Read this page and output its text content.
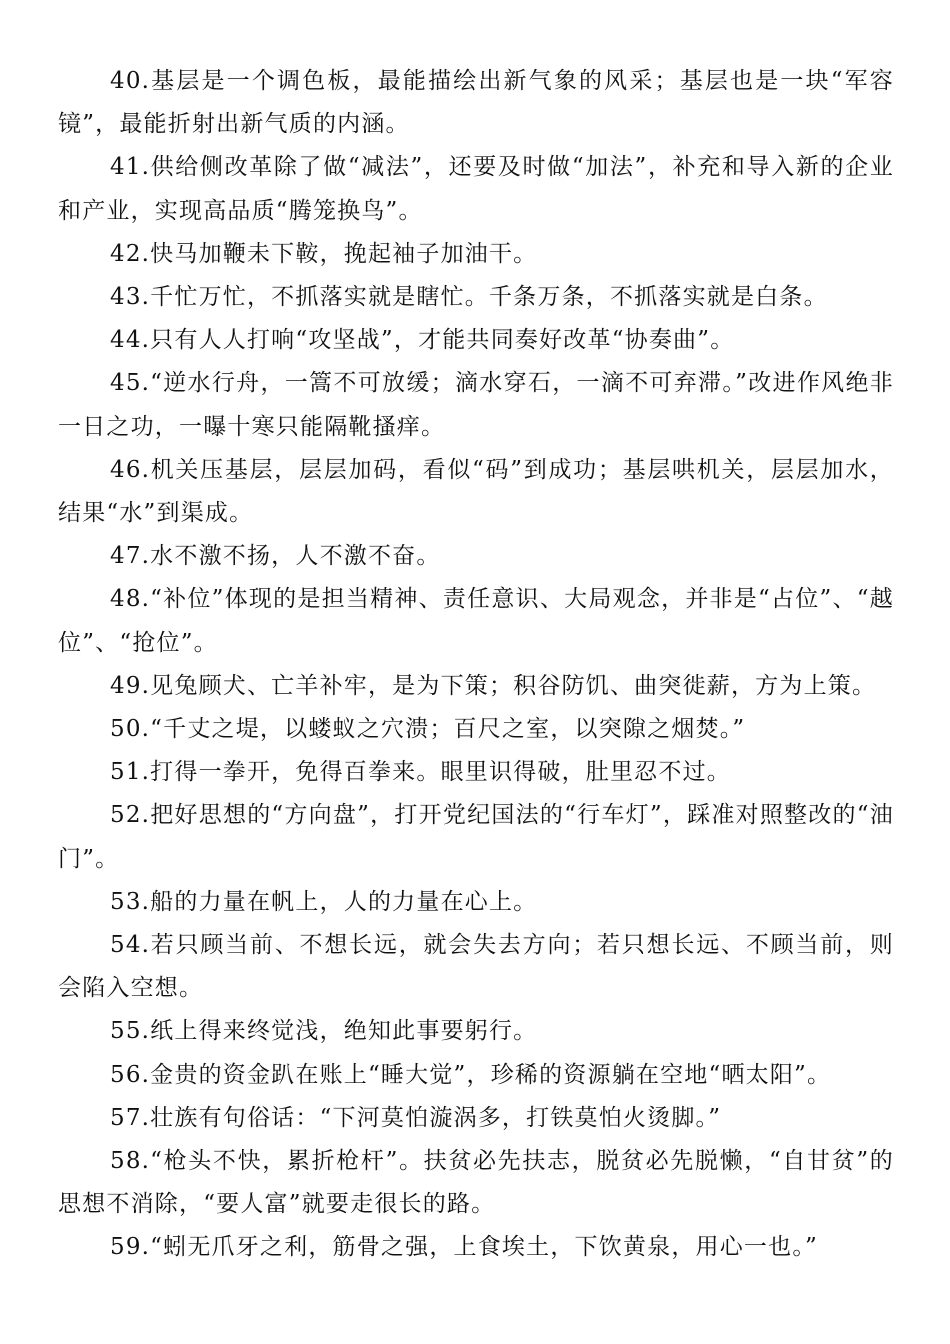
40.基层是一个调色板，最能描绘出新气象的风采；基层也是一块“军容镜”，最能折射出新气质的内涵。

41.供给侧改革除了做“减法”，还要及时做“加法”，补充和导入新的企业和产业，实现高品质“腾笼换鸟”。

42.快马加鞭未下鞍，挽起袖子加油干。

43.千忙万忙，不抓落实就是瞎忙。千条万条，不抓落实就是白条。

44.只有人人打响“攻坚战”，才能共同奏好改革“协奏曲”。

45.“逆水行舟，一篙不可放缓；滴水穿石，一滴不可弃滞。”改进作风绝非一日之功，一曝十寒只能隔靴搔痒。

46.机关压基层，层层加码，看似“码”到成功；基层哄机关，层层加水，结果“水”到渠成。

47.水不激不扬，人不激不奋。

48.“补位”体现的是担当精神、责任意识、大局观念，并非是“占位”、“越位”、“抢位”。

49.见兔顾犬、亡羊补牢，是为下策；积谷防饥、曲突徙薪，方为上策。

50.“千丈之堤，以蝼蚁之穴溃；百尺之室，以突隙之烟焚。”

51.打得一拳开，免得百拳来。眼里识得破，肚里忍不过。

52.把好思想的“方向盘”，打开党纪国法的“行车灯”，踩准对照整改的“油门”。

53.船的力量在帆上，人的力量在心上。

54.若只顾当前、不想长远，就会失去方向；若只想长远、不顾当前，则会陷入空想。

55.纸上得来终觉浅，绝知此事要躬行。

56.金贵的资金趴在账上“睡大觉”，珍稀的资源躺在空地“晒太阳”。

57.壮族有句俗话：“下河莫怕漩涡多，打铁莫怕火烫脚。”

58.“枪头不快，累折枪杆”。扶贫必先扶志，脱贫必先脱懒，“自甘贫”的思想不消除，“要人富”就要走很长的路。

59.“蚓无爪牙之利，筋骨之强，上食埃土，下饮黄泉，用心一也。”
